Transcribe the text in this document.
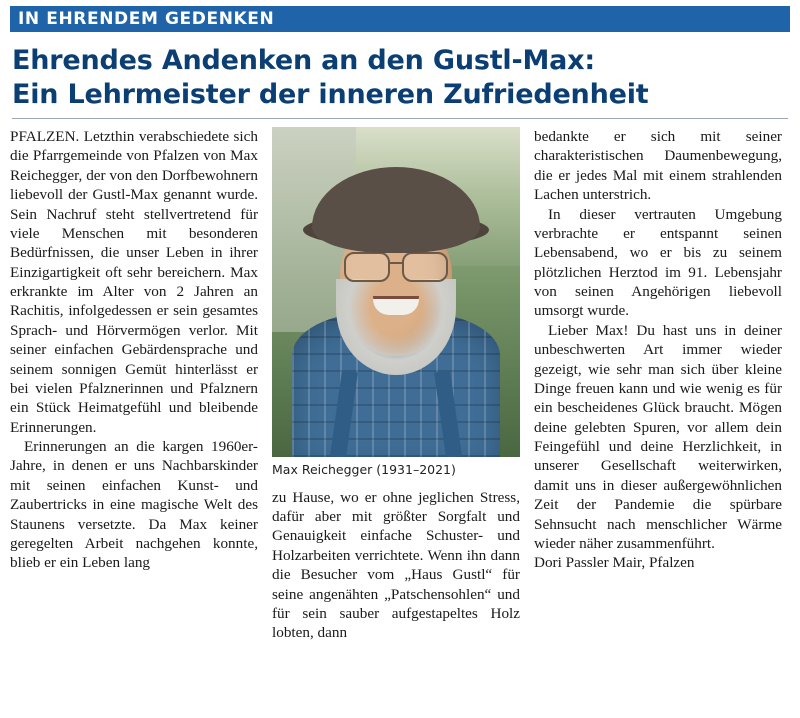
IN EHRENDEM GEDENKEN
Ehrendes Andenken an den Gustl-Max:
Ein Lehrmeister der inneren Zufriedenheit

PFALZEN. Letzthin verabschiedete sich die Pfarrgemeinde von Pfalzen von Max Reichegger, der von den Dorfbewohnern liebevoll der Gustl-Max genannt wurde. Sein Nachruf steht stellvertretend für viele Menschen mit besonderen Bedürfnissen, die unser Leben in ihrer Einzigartigkeit oft sehr bereichern. Max erkrankte im Alter von 2 Jahren an Rachitis, infolgedessen er sein gesamtes Sprach- und Hörvermögen verlor. Mit seiner einfachen Gebärdensprache und seinem sonnigen Gemüt hinterlässt er bei vielen Pfalznerinnen und Pfalznern ein Stück Heimatgefühl und bleibende Erinnerungen.

Erinnerungen an die kargen 1960er-Jahre, in denen er uns Nachbarskinder mit seinen einfachen Kunst- und Zaubertricks in eine magische Welt des Staunens versetzte. Da Max keiner geregelten Arbeit nachgehen konnte, blieb er ein Leben lang

Max Reichegger (1931–2021)

zu Hause, wo er ohne jeglichen Stress, dafür aber mit größter Sorgfalt und Genauigkeit einfache Schuster- und Holzarbeiten verrichtete. Wenn ihn dann die Besucher vom „Haus Gustl“ für seine angenähten „Patschensohlen“ und für sein sauber aufgestapeltes Holz lobten, dann

bedankte er sich mit seiner charakteristischen Daumenbewegung, die er jedes Mal mit einem strahlenden Lachen unterstrich.

In dieser vertrauten Umgebung verbrachte er entspannt seinen Lebensabend, wo er bis zu seinem plötzlichen Herztod im 91. Lebensjahr von seinen Angehörigen liebevoll umsorgt wurde.

Lieber Max! Du hast uns in deiner unbeschwerten Art immer wieder gezeigt, wie sehr man sich über kleine Dinge freuen kann und wie wenig es für ein bescheidenes Glück braucht. Mögen deine gelebten Spuren, vor allem dein Feingefühl und deine Herzlichkeit, in unserer Gesellschaft weiterwirken, damit uns in dieser außergewöhnlichen Zeit der Pandemie die spürbare Sehnsucht nach menschlicher Wärme wieder näher zusammenführt.

Dori Passler Mair, Pfalzen
